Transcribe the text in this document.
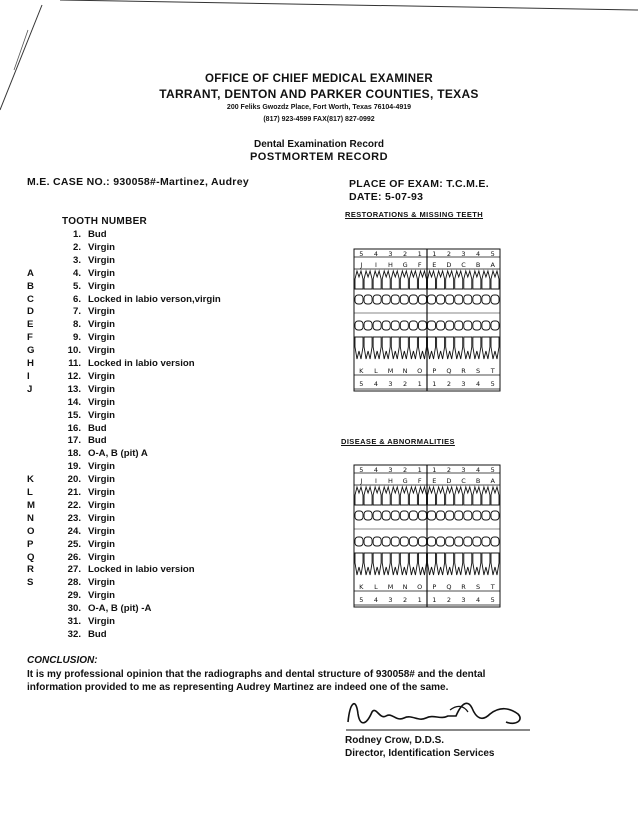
OFFICE OF CHIEF MEDICAL EXAMINER
TARRANT, DENTON AND PARKER COUNTIES, TEXAS
200 Feliks Gwozdz Place, Fort Worth, Texas 76104-4919
(817) 923-4599 FAX(817) 827-0992
Dental Examination Record
POSTMORTEM RECORD
M.E. CASE NO.: 930058#-Martinez, Audrey	PLACE OF EXAM: T.C.M.E.
DATE: 5-07-93
TOOTH NUMBER
1. Bud
2. Virgin
3. Virgin
A	4. Virgin
B	5. Virgin
C	6. Locked in labio verson,virgin
D	7. Virgin
E	8. Virgin
F	9. Virgin
G	10. Virgin
H	11. Locked in labio version
I	12. Virgin
J	13. Virgin
14. Virgin
15. Virgin
16. Bud
17. Bud
18. O-A, B (pit) A
19. Virgin
K	20. Virgin
L	21. Virgin
M	22. Virgin
N	23. Virgin
O	24. Virgin
P	25. Virgin
Q	26. Virgin
R	27. Locked in labio version
S	28. Virgin
29. Virgin
30. O-A, B (pit) -A
31. Virgin
32. Bud
RESTORATIONS & MISSING TEETH
5 4 3 2 1 1 2 3 4 5
J I H G F E D C B A
K L M N O P Q R S T
5 4 3 2 1 1 2 3 4 5
DISEASE & ABNORMALITIES
5 4 3 2 1 1 2 3 4 5
J I H G F E D C B A
K L M N O P Q R S T
5 4 3 2 1 1 2 3 4 5
CONCLUSION:
It is my professional opinion that the radiographs and dental structure of 930058# and the dental
information provided to me as representing Audrey Martinez are indeed one of the same.
Rodney Crow, D.D.S.
Director, Identification Services
